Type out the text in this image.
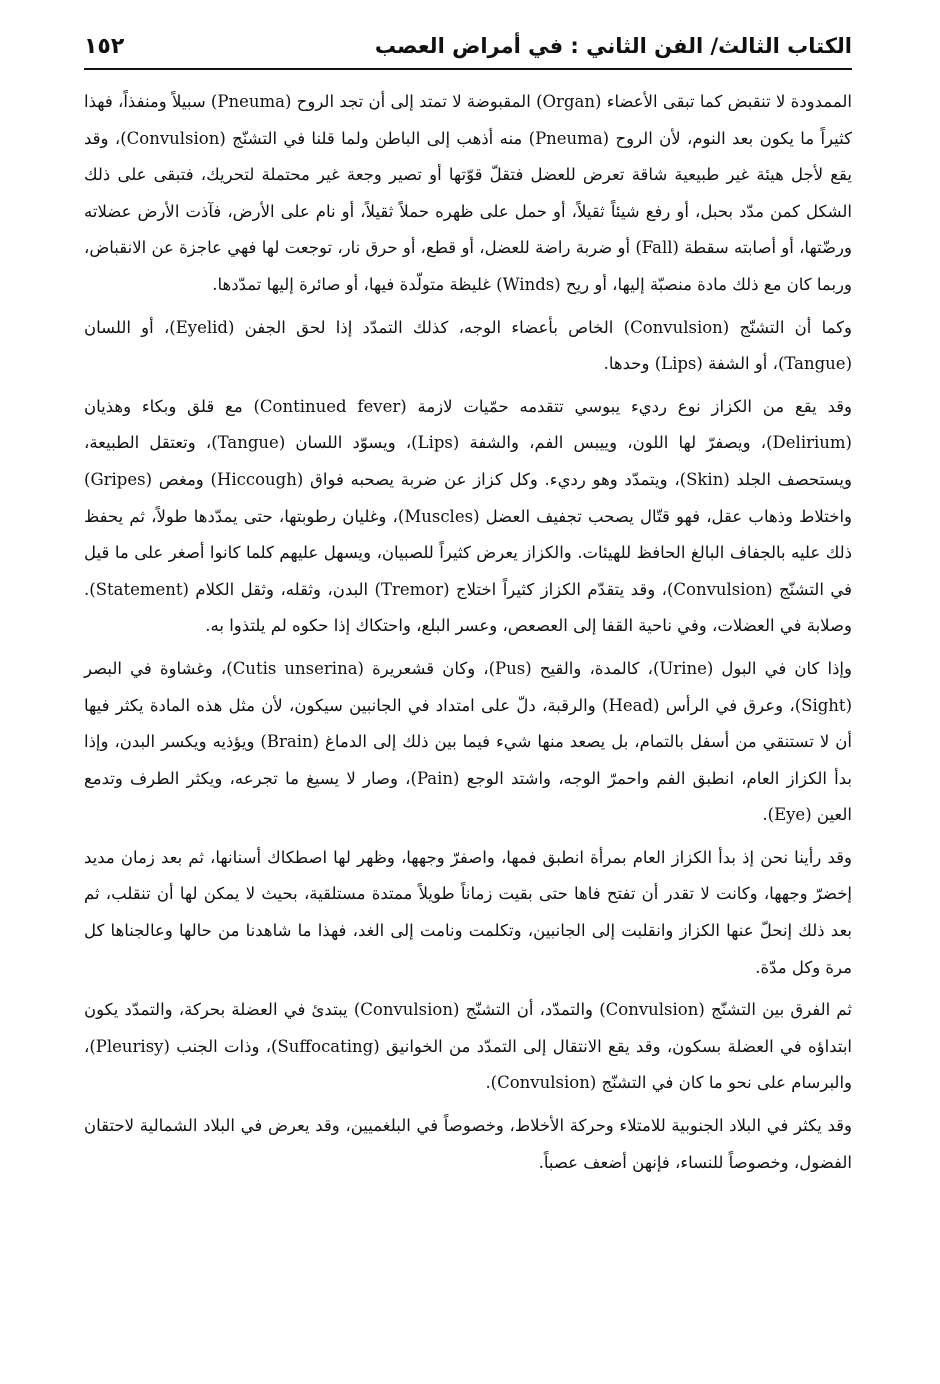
الكتاب الثالث/ الفن الثاني : في أمراض العصب
١٥٢

الممدودة لا تنقبض كما تبقى الأعضاء (Organ) المقبوضة لا تمتد إلى أن تجد الروح (Pneuma) سبيلاً ومنفذاً، فهذا كثيراً ما يكون بعد النوم، لأن الروح (Pneuma) منه أذهب إلى الباطن ولما قلنا في التشنّج (Convulsion)، وقد يقع لأجل هيئة غير طبيعية شاقة تعرض للعضل فتقلّ قوّتها أو تصير وجعة غير محتملة لتحريك، فتبقى على ذلك الشكل كمن مدّد بحبل، أو رفع شيئاً ثقيلاً، أو حمل على ظهره حملاً ثقيلاً، أو نام على الأرض، فآذت الأرض عضلاته ورضّتها، أو أصابته سقطة (Fall) أو ضربة راضة للعضل، أو قطع، أو حرق نار، توجعت لها فهي عاجزة عن الانقباض، وربما كان مع ذلك مادة منصبّة إليها، أو ريح (Winds) غليظة متولّدة فيها، أو صائرة إليها تمدّدها.

وكما أن التشنّج (Convulsion) الخاص بأعضاء الوجه، كذلك التمدّد إذا لحق الجفن (Eyelid)، أو اللسان (Tangue)، أو الشفة (Lips) وحدها.

وقد يقع من الكزاز نوع رديء يبوسي تتقدمه حمّيات لازمة (Continued fever) مع قلق وبكاء وهذيان (Delirium)، ويصفرّ لها اللون، وييبس الفم، والشفة (Lips)، ويسوّد اللسان (Tangue)، وتعتقل الطبيعة، ويستحصف الجلد (Skin)، ويتمدّد وهو رديء. وكل كزاز عن ضربة يصحبه فواق (Hiccough) ومغص (Gripes) واختلاط وذهاب عقل، فهو قتّال يصحب تجفيف العضل (Muscles)، وغليان رطوبتها، حتى يمدّدها طولاً، ثم يحفظ ذلك عليه بالجفاف البالغ الحافظ للهيئات. والكزاز يعرض كثيراً للصبيان، ويسهل عليهم كلما كانوا أصغر على ما قيل في التشنّج (Convulsion)، وقد يتقدّم الكزاز كثيراً اختلاج (Tremor) البدن، وثقله، وثقل الكلام (Statement). وصلابة في العضلات، وفي ناحية القفا إلى العصعص، وعسر البلع، واحتكاك إذا حكوه لم يلتذوا به.

وإذا كان في البول (Urine)، كالمدة، والقيح (Pus)، وكان قشعريرة (Cutis unserina)، وغشاوة في البصر (Sight)، وعرق في الرأس (Head) والرقبة، دلّ على امتداد في الجانبين سيكون، لأن مثل هذه المادة يكثر فيها أن لا تستنقي من أسفل بالتمام، بل يصعد منها شيء فيما بين ذلك إلى الدماغ (Brain) ويؤذيه ويكسر البدن، وإذا بدأ الكزاز العام، انطبق الفم واحمرّ الوجه، واشتد الوجع (Pain)، وصار لا يسيغ ما تجرعه، ويكثر الطرف وتدمع العين (Eye).

وقد رأينا نحن إذ بدأ الكزاز العام بمرأة انطبق فمها، واصفرّ وجهها، وظهر لها اصطكاك أسنانها، ثم بعد زمان مديد إخضرّ وجهها، وكانت لا تقدر أن تفتح فاها حتى بقيت زماناً طويلاً ممتدة مستلقية، بحيث لا يمكن لها أن تنقلب، ثم بعد ذلك إنحلّ عنها الكزاز وانقلبت إلى الجانبين، وتكلمت ونامت إلى الغد، فهذا ما شاهدنا من حالها وعالجناها كل مرة وكل مدّة.

ثم الفرق بين التشنّج (Convulsion) والتمدّد، أن التشنّج (Convulsion) يبتدئ في العضلة بحركة، والتمدّد يكون ابتداؤه في العضلة بسكون، وقد يقع الانتقال إلى التمدّد من الخوانيق (Suffocating)، وذات الجنب (Pleurisy)، والبرسام على نحو ما كان في التشنّج (Convulsion).

وقد يكثر في البلاد الجنوبية للامتلاء وحركة الأخلاط، وخصوصاً في البلغميين، وقد يعرض في البلاد الشمالية لاحتقان الفضول، وخصوصاً للنساء، فإنهن أضعف عصباً.
